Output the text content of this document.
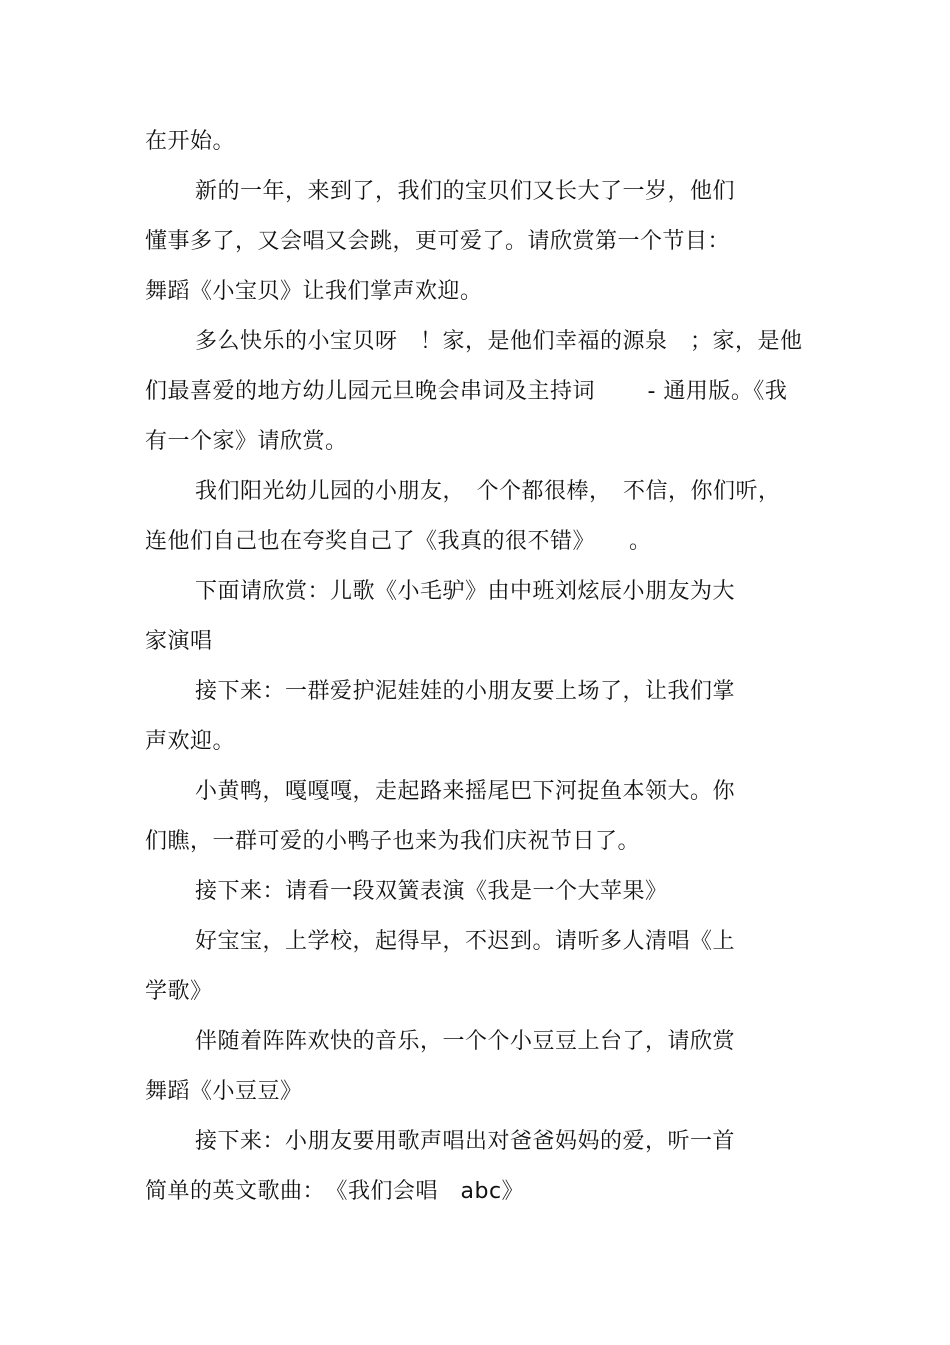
在开始。

新的一年，来到了，我们的宝贝们又长大了一岁，他们

懂事多了，又会唱又会跳，更可爱了。请欣赏第一个节目：

舞蹈《小宝贝》让我们掌声欢迎。

多么快乐的小宝贝呀　！家，是他们幸福的源泉　；家，是他

们最喜爱的地方幼儿园元旦晚会串词及主持词　　 - 通用版。《我

有一个家》请欣赏。

我们阳光幼儿园的小朋友，　个个都很棒，　不信，你们听，

连他们自己也在夸奖自己了《我真的很不错》　　。

下面请欣赏：儿歌《小毛驴》由中班刘炫辰小朋友为大

家演唱

接下来：一群爱护泥娃娃的小朋友要上场了，让我们掌

声欢迎。

小黄鸭，嘎嘎嘎，走起路来摇尾巴下河捉鱼本领大。你

们瞧，一群可爱的小鸭子也来为我们庆祝节日了。

接下来：请看一段双簧表演《我是一个大苹果》

好宝宝，上学校，起得早，不迟到。请听多人清唱《上

学歌》

伴随着阵阵欢快的音乐，一个个小豆豆上台了，请欣赏

舞蹈《小豆豆》

接下来：小朋友要用歌声唱出对爸爸妈妈的爱，听一首

简单的英文歌曲：　《我们会唱　abc》
